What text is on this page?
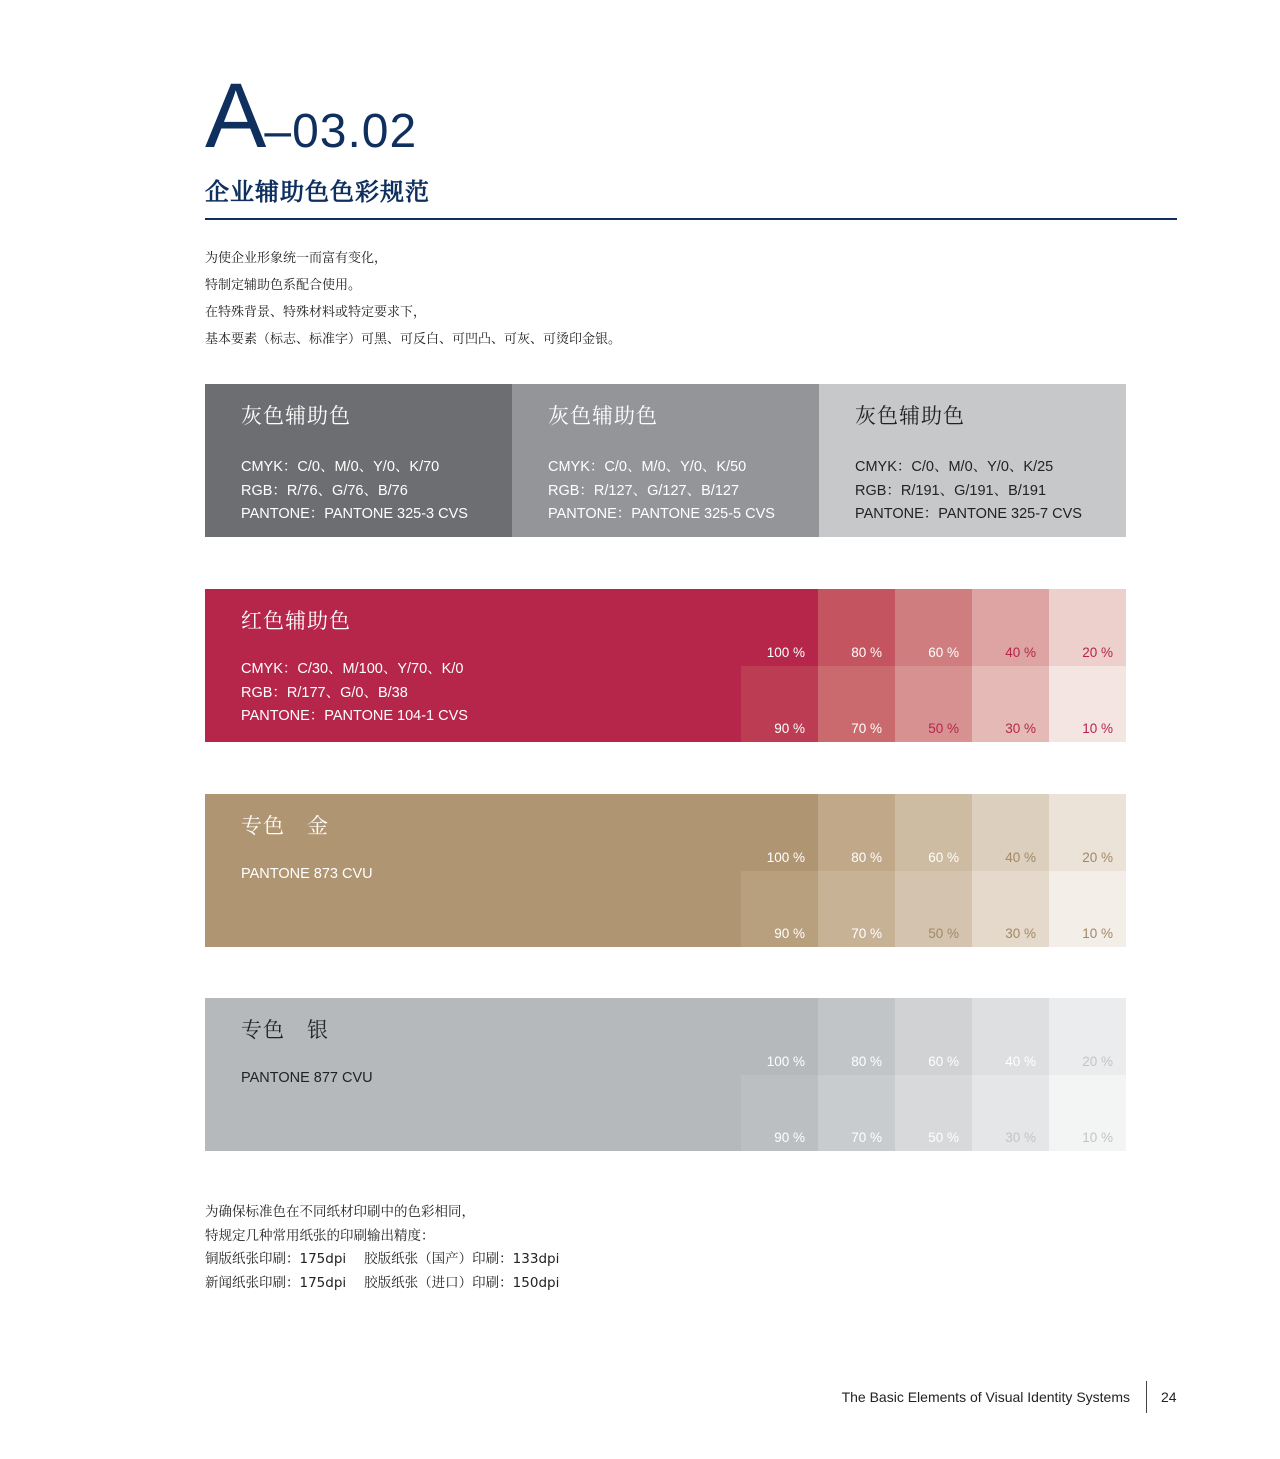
A–03.02
企业辅助色色彩规范
为使企业形象统一而富有变化，
特制定辅助色系配合使用。
在特殊背景、特殊材料或特定要求下，
基本要素（标志、标准字）可黑、可反白、可凹凸、可灰、可烫印金银。
灰色辅助色
CMYK：C/0、M/0、Y/0、K/70
RGB：R/76、G/76、B/76
PANTONE：PANTONE 325-3 CVS
灰色辅助色
CMYK：C/0、M/0、Y/0、K/50
RGB：R/127、G/127、B/127
PANTONE：PANTONE 325-5 CVS
灰色辅助色
CMYK：C/0、M/0、Y/0、K/25
RGB：R/191、G/191、B/191
PANTONE：PANTONE 325-7 CVS
红色辅助色
CMYK：C/30、M/100、Y/70、K/0
RGB：R/177、G/0、B/38
PANTONE：PANTONE 104-1 CVS
100 %	80 %	60 %	40 %	20 %
90 %	70 %	50 %	30 %	10 %
专色　金
PANTONE 873 CVU
100 %	80 %	60 %	40 %	20 %
90 %	70 %	50 %	30 %	10 %
专色　银
PANTONE 877 CVU
100 %	80 %	60 %	40 %	20 %
90 %	70 %	50 %	30 %	10 %
为确保标准色在不同纸材印刷中的色彩相同，
特规定几种常用纸张的印刷输出精度：
铜版纸张印刷：175dpi 胶版纸张（国产）印刷：133dpi
新闻纸张印刷：175dpi 胶版纸张（进口）印刷：150dpi
The Basic Elements of Visual Identity Systems 24
